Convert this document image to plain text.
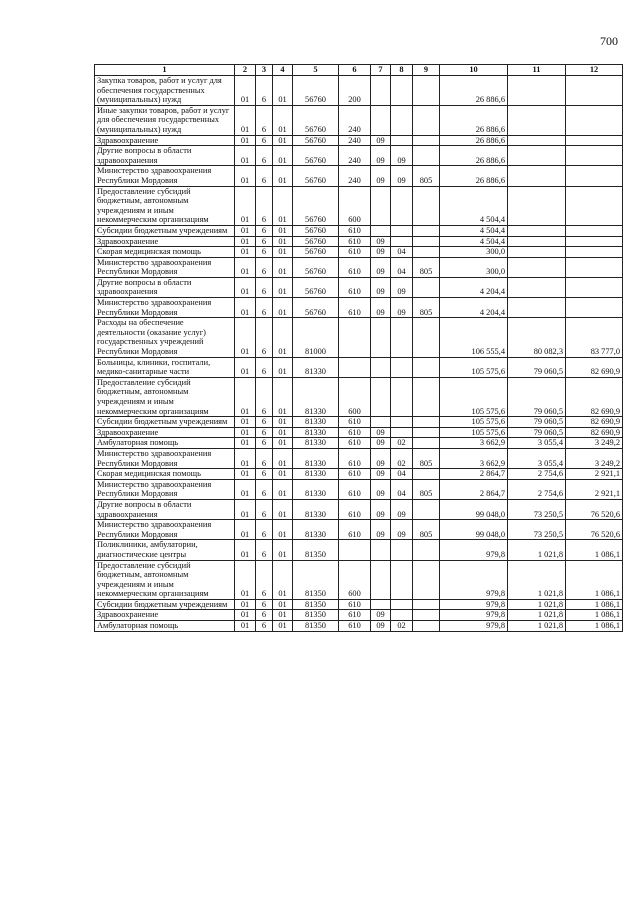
700
1	2	3	4	5	6	7	8	9	10	11	12
Закупка товаров, работ и услуг для обеспечения государственных (муниципальных) нужд	01	6	01	56760	200				26 886,6		
Иные закупки товаров, работ и услуг для обеспечения государственных (муниципальных) нужд	01	6	01	56760	240				26 886,6		
Здравоохранение	01	6	01	56760	240	09			26 886,6		
Другие вопросы в области здравоохранения	01	6	01	56760	240	09	09		26 886,6		
Министерство здравоохранения Республики Мордовия	01	6	01	56760	240	09	09	805	26 886,6		
Предоставление субсидий бюджетным, автономным учреждениям и иным некоммерческим организациям	01	6	01	56760	600				4 504,4		
Субсидии бюджетным учреждениям	01	6	01	56760	610				4 504,4		
Здравоохранение	01	6	01	56760	610	09			4 504,4		
Скорая медицинская помощь	01	6	01	56760	610	09	04		300,0		
Министерство здравоохранения Республики Мордовия	01	6	01	56760	610	09	04	805	300,0		
Другие вопросы в области здравоохранения	01	6	01	56760	610	09	09		4 204,4		
Министерство здравоохранения Республики Мордовия	01	6	01	56760	610	09	09	805	4 204,4		
Расходы на обеспечение деятельности (оказание услуг) государственных учреждений Республики Мордовия	01	6	01	81000					106 555,4	80 082,3	83 777,0
Больницы, клиники, госпитали, медико-санитарные части	01	6	01	81330					105 575,6	79 060,5	82 690,9
Предоставление субсидий бюджетным, автономным учреждениям и иным некоммерческим организациям	01	6	01	81330	600				105 575,6	79 060,5	82 690,9
Субсидии бюджетным учреждениям	01	6	01	81330	610				105 575,6	79 060,5	82 690,9
Здравоохранение	01	6	01	81330	610	09			105 575,6	79 060,5	82 690,9
Амбулаторная помощь	01	6	01	81330	610	09	02		3 662,9	3 055,4	3 249,2
Министерство здравоохранения Республики Мордовия	01	6	01	81330	610	09	02	805	3 662,9	3 055,4	3 249,2
Скорая медицинская помощь	01	6	01	81330	610	09	04		2 864,7	2 754,6	2 921,1
Министерство здравоохранения Республики Мордовия	01	6	01	81330	610	09	04	805	2 864,7	2 754,6	2 921,1
Другие вопросы в области здравоохранения	01	6	01	81330	610	09	09		99 048,0	73 250,5	76 520,6
Министерство здравоохранения Республики Мордовия	01	6	01	81330	610	09	09	805	99 048,0	73 250,5	76 520,6
Поликлиники, амбулатории, диагностические центры	01	6	01	81350					979,8	1 021,8	1 086,1
Предоставление субсидий бюджетным, автономным учреждениям и иным некоммерческим организациям	01	6	01	81350	600				979,8	1 021,8	1 086,1
Субсидии бюджетным учреждениям	01	6	01	81350	610				979,8	1 021,8	1 086,1
Здравоохранение	01	6	01	81350	610	09			979,8	1 021,8	1 086,1
Амбулаторная помощь	01	6	01	81350	610	09	02		979,8	1 021,8	1 086,1
